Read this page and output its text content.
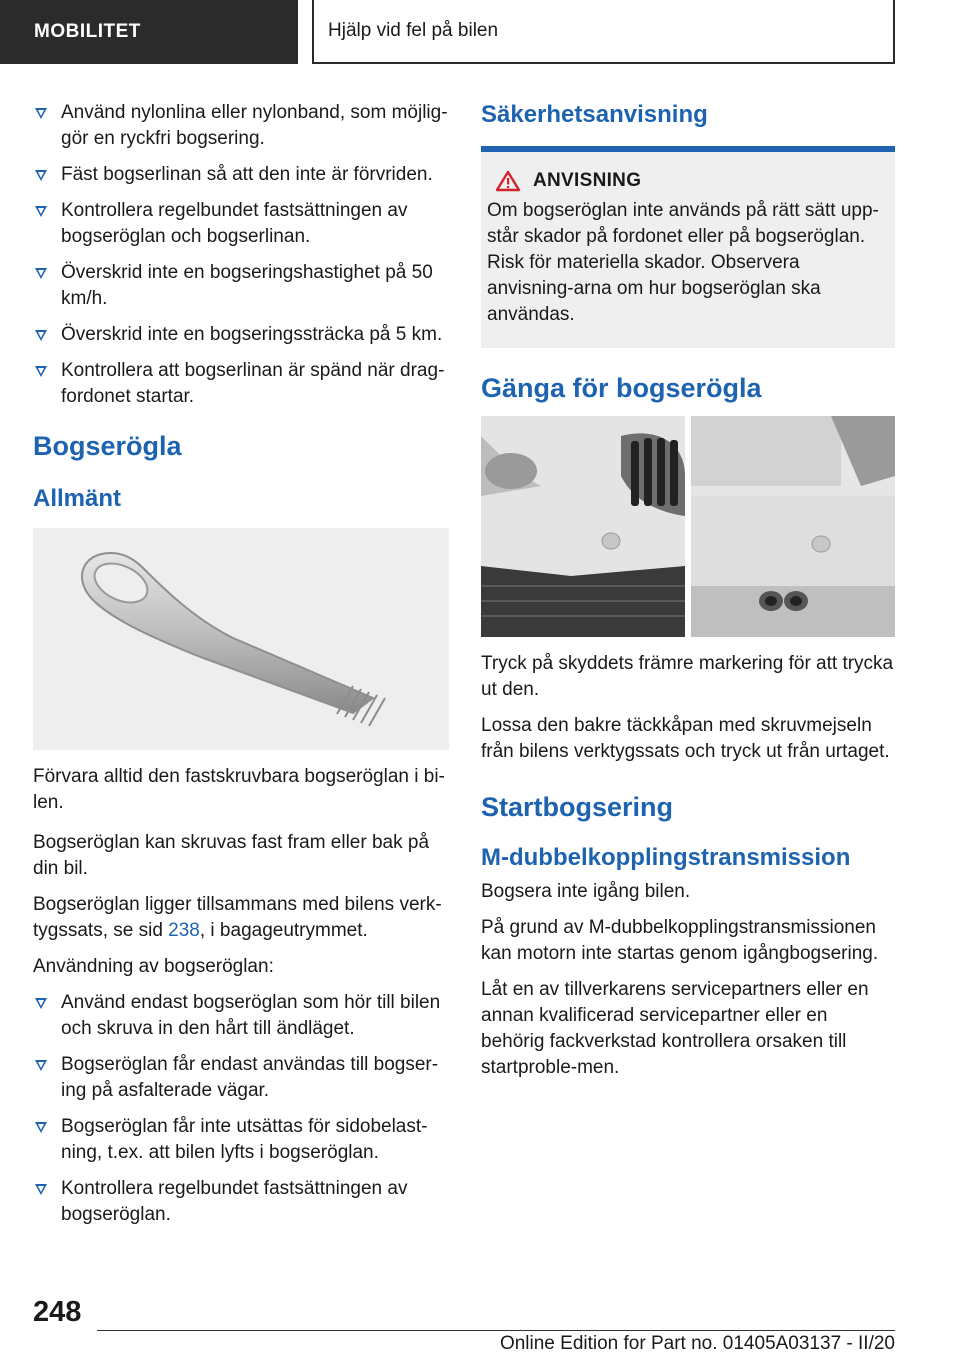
MOBILITET	Hjälp vid fel på bilen
Använd nylonlina eller nylonband, som möjlig-gör en ryckfri bogsering.
Fäst bogserlinan så att den inte är förvriden.
Kontrollera regelbundet fastsättningen av bogseröglan och bogserlinan.
Överskrid inte en bogseringshastighet på 50 km/h.
Överskrid inte en bogseringssträcka på 5 km.
Kontrollera att bogserlinan är spänd när drag-fordonet startar.
Bogserögla
Allmänt

Förvara alltid den fastskruvbara bogseröglan i bi-len.

Bogseröglan kan skruvas fast fram eller bak på din bil.

Bogseröglan ligger tillsammans med bilens verk-tygssats, se sid 238, i bagageutrymmet.

Användning av bogseröglan:

Använd endast bogseröglan som hör till bilen och skruva in den hårt till ändläget.
Bogseröglan får endast användas till bogser-ing på asfalterade vägar.
Bogseröglan får inte utsättas för sidobelast-ning, t.ex. att bilen lyfts i bogseröglan.
Kontrollera regelbundet fastsättningen av bogseröglan.
Säkerhetsanvisning
ANVISNING

Om bogseröglan inte används på rätt sätt upp-står skador på fordonet eller på bogseröglan. Risk för materiella skador. Observera anvisning-arna om hur bogseröglan ska användas.

Gänga för bogserögla

Tryck på skyddets främre markering för att trycka ut den.

Lossa den bakre täckkåpan med skruvmejseln från bilens verktygssats och tryck ut från urtaget.

Startbogsering
M-dubbelkopplingstransmission

Bogsera inte igång bilen.

På grund av M-dubbelkopplingstransmissionen kan motorn inte startas genom igångbogsering.

Låt en av tillverkarens servicepartners eller en annan kvalificerad servicepartner eller en behörig fackverkstad kontrollera orsaken till startproble-men.

248
Online Edition for Part no. 01405A03137 - II/20
